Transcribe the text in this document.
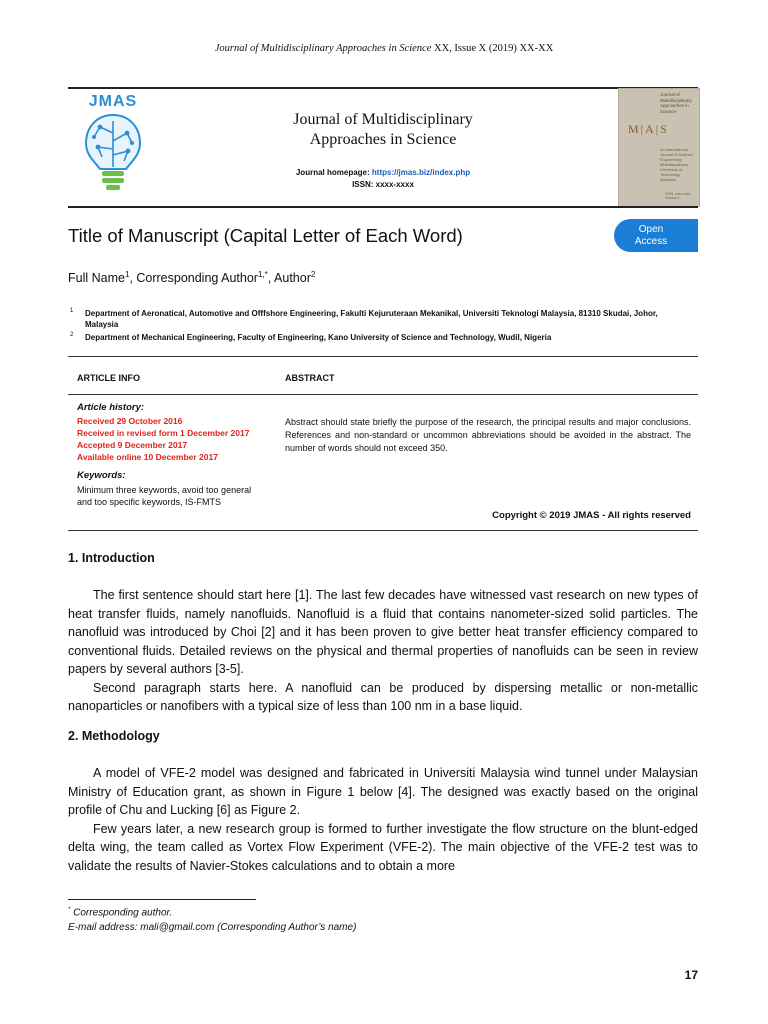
Journal of Multidisciplinary Approaches in Science XX, Issue X (2019) XX-XX
JMAS
Journal of Multidisciplinary
Approaches in Science
Journal homepage: https://jmas.biz/index.php
ISSN: xxxx-xxxx
Journal of Multidisciplinary Approaches in Science
M|A|S
An international Journal of Science Engineering, Multidisciplinary, University of Technology Malaysia
ISSN: xxxx-xxxx Volume 1
Title of Manuscript (Capital Letter of Each Word)	Open
Access
Full Name$^1$, Corresponding Author$^{1,*}$, Author$^2$
1 Department of Aeronatical, Automotive and Offfshore Engineering, Fakulti Kejuruteraan Mekanikal, Universiti Teknologi Malaysia, 81310 Skudai, Johor, Malaysia
2 Department of Mechanical Engineering, Faculty of Engineering, Kano University of Science and Technology, Wudil, Nigeria
ARTICLE INFO	ABSTRACT
Article history:
Received 29 October 2016
Received in revised form 1 December 2017
Accepted 9 December 2017
Available online 10 December 2017
Keywords:
Minimum three keywords, avoid too general and too specific keywords, IS-FMTS
Abstract should state briefly the purpose of the research, the principal results and major conclusions. References and non-standard or uncommon abbreviations should be avoided in the abstract. The number of words should not exceed 350.
Copyright © 2019 JMAS - All rights reserved
1. Introduction

The first sentence should start here [1]. The last few decades have witnessed vast research on new types of heat transfer fluids, namely nanofluids. Nanofluid is a fluid that contains nanometer-sized solid particles. The nanofluid was introduced by Choi [2] and it has been proven to give better heat transfer efficiency compared to conventional fluids. Detailed reviews on the physical and thermal properties of nanofluids can be seen in review papers by several authors [3-5].

Second paragraph starts here. A nanofluid can be produced by dispersing metallic or non-metallic nanoparticles or nanofibers with a typical size of less than 100 nm in a base liquid.

2. Methodology

A model of VFE-2 model was designed and fabricated in Universiti Malaysia wind tunnel under Malaysian Ministry of Education grant, as shown in Figure 1 below [4]. The designed was exactly based on the original profile of Chu and Lucking [6] as Figure 2.

Few years later, a new research group is formed to further investigate the flow structure on the blunt-edged delta wing, the team called as Vortex Flow Experiment (VFE-2). The main objective of the VFE-2 test was to validate the results of Navier-Stokes calculations and to obtain a more

* Corresponding author.
E-mail address: mali@gmail.com (Corresponding Author’s name)
17
